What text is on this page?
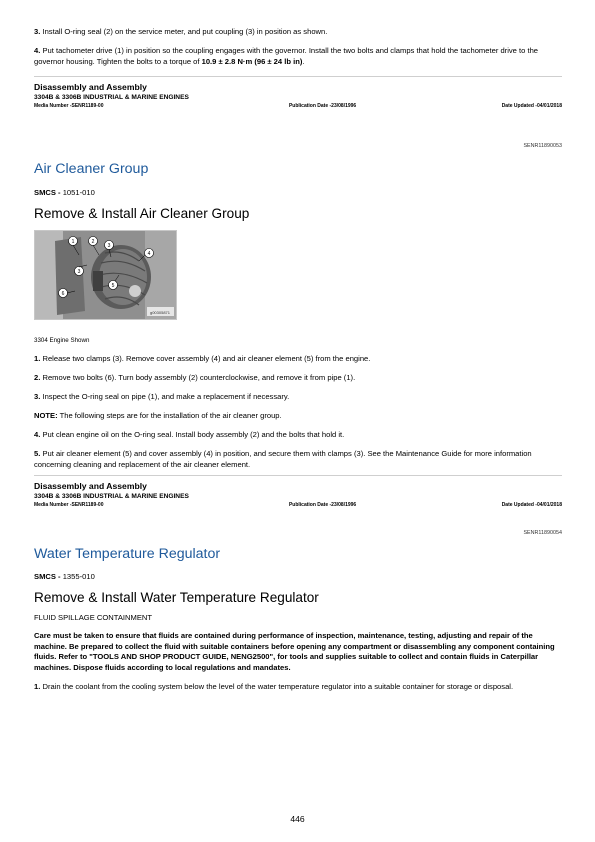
3. Install O-ring seal (2) on the service meter, and put coupling (3) in position as shown.

4. Put tachometer drive (1) in position so the coupling engages with the governor. Install the two bolts and clamps that hold the tachometer drive to the governor housing. Tighten the bolts to a torque of 10.9 ± 2.8 N·m (96 ± 24 lb in).

Disassembly and Assembly
3304B & 3306B INDUSTRIAL & MARINE ENGINES
Media Number -SENR1189-00	Publication Date -23/08/1996	Date Updated -04/01/2018
SENR11890053
Air Cleaner Group

SMCS - 1051-010

Remove & Install Air Cleaner Group
g00305871
1	2
3
3
4
5
6

3304 Engine Shown

1. Release two clamps (3). Remove cover assembly (4) and air cleaner element (5) from the engine.

2. Remove two bolts (6). Turn body assembly (2) counterclockwise, and remove it from pipe (1).

3. Inspect the O-ring seal on pipe (1), and make a replacement if necessary.

NOTE: The following steps are for the installation of the air cleaner group.

4. Put clean engine oil on the O-ring seal. Install body assembly (2) and the bolts that hold it.

5. Put air cleaner element (5) and cover assembly (4) in position, and secure them with clamps (3). See the Maintenance Guide for more information concerning cleaning and replacement of the air cleaner element.

Disassembly and Assembly
3304B & 3306B INDUSTRIAL & MARINE ENGINES
Media Number -SENR1189-00	Publication Date -23/08/1996	Date Updated -04/01/2018
SENR11890054
Water Temperature Regulator

SMCS - 1355-010

Remove & Install Water Temperature Regulator

FLUID SPILLAGE CONTAINMENT

Care must be taken to ensure that fluids are contained during performance of inspection, maintenance, testing, adjusting and repair of the machine. Be prepared to collect the fluid with suitable containers before opening any compartment or disassembling any component containing fluids. Refer to "TOOLS AND SHOP PRODUCT GUIDE, NENG2500", for tools and supplies suitable to collect and contain fluids in Caterpillar machines. Dispose fluids according to local regulations and mandates.

1. Drain the coolant from the cooling system below the level of the water temperature regulator into a suitable container for storage or disposal.

446
